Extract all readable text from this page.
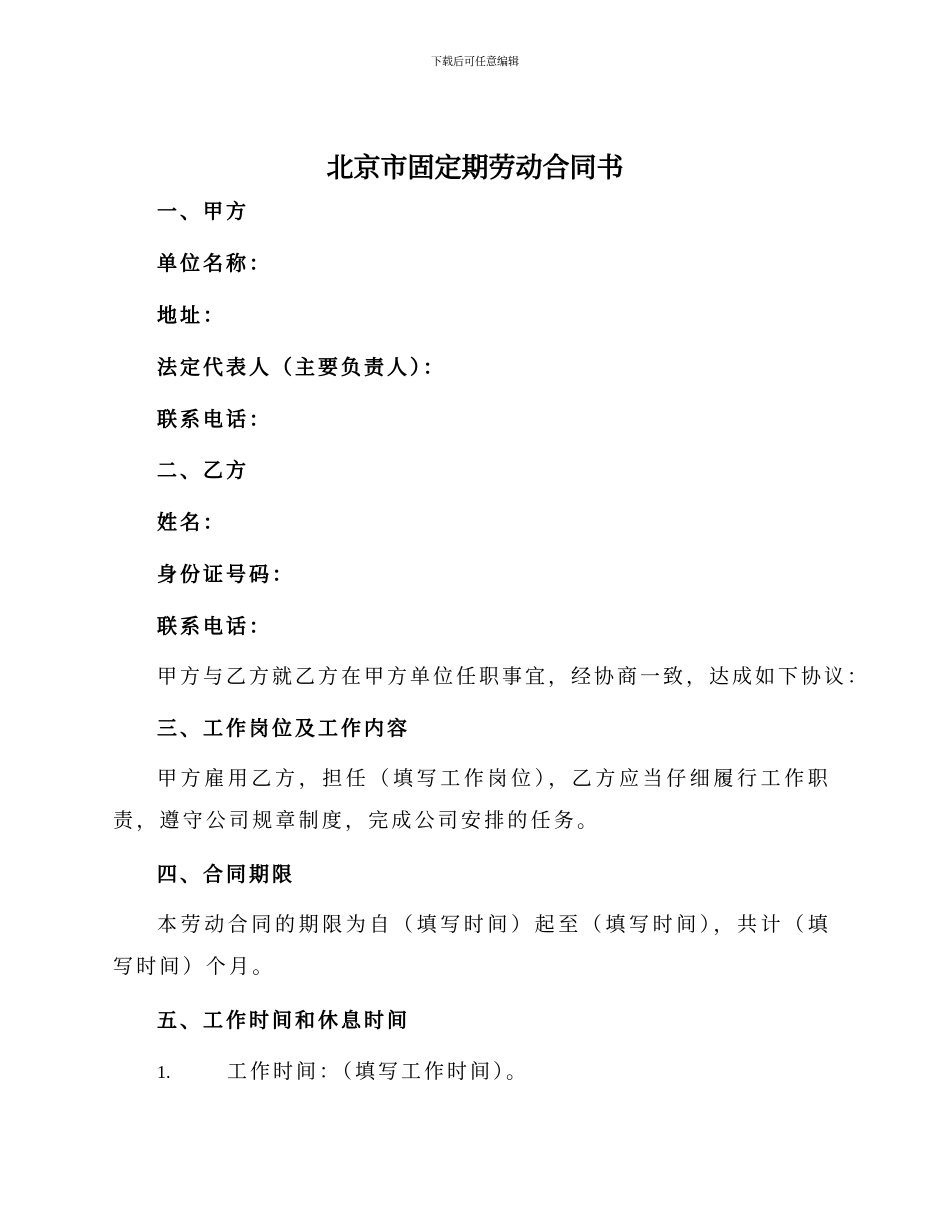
下载后可任意编辑
北京市固定期劳动合同书
一、甲方
单位名称：
地址：
法定代表人（主要负责人）：
联系电话：
二、乙方
姓名：
身份证号码：
联系电话：
甲方与乙方就乙方在甲方单位任职事宜，经协商一致，达成如下协议：
三、工作岗位及工作内容
甲方雇用乙方，担任（填写工作岗位），乙方应当仔细履行工作职责，遵守公司规章制度，完成公司安排的任务。
四、合同期限
本劳动合同的期限为自（填写时间）起至（填写时间），共计（填写时间）个月。
五、工作时间和休息时间
1.	工作时间：（填写工作时间）。
